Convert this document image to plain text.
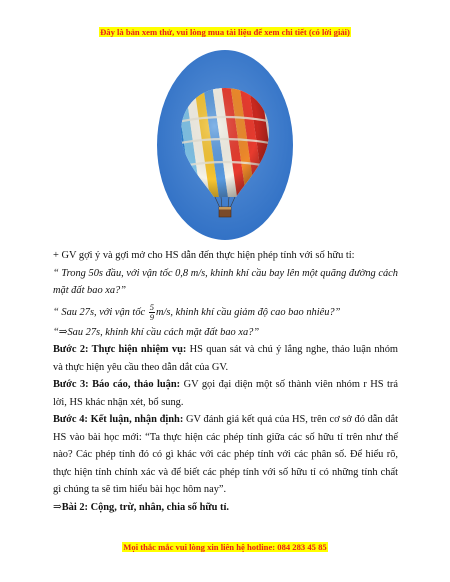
Đây là bản xem thử, vui lòng mua tài liệu để xem chi tiết (có lời giải)

+ GV gợi ý và gợi mở cho HS dẫn đến thực hiện phép tính với số hữu tỉ:

“ Trong 50s đầu, với vận tốc 0,8 m/s, khinh khí cầu bay lên một quãng đường cách mặt đất bao xa?”

“ Sau 27s, với vận tốc $\frac{5}{9} m/s$, khinh khí cầu giảm độ cao bao nhiêu?”

“⇒Sau 27s, khinh khí cầu cách mặt đất bao xa?”

Bước 2: Thực hiện nhiệm vụ: HS quan sát và chú ý lắng nghe, thảo luận nhóm và thực hiện yêu cầu theo dẫn dắt của GV.

Bước 3: Báo cáo, thảo luận: GV gọi đại diện một số thành viên nhóm r HS trả lời, HS khác nhận xét, bổ sung.

Bước 4: Kết luận, nhận định: GV đánh giá kết quả của HS, trên cơ sở đó dẫn dắt HS vào bài học mới: “Ta thực hiện các phép tính giữa các số hữu tỉ trên như thế nào? Các phép tính đó có gì khác với các phép tính với các phân số. Để hiểu rõ, thực hiện tính chính xác và để biết các phép tính với số hữu tỉ có những tính chất gì chúng ta sẽ tìm hiểu bài học hôm nay”.

⇒Bài 2: Cộng, trừ, nhân, chia số hữu tỉ.

Mọi thắc mắc vui lòng xin liên hệ hotline: 084 283 45 85
